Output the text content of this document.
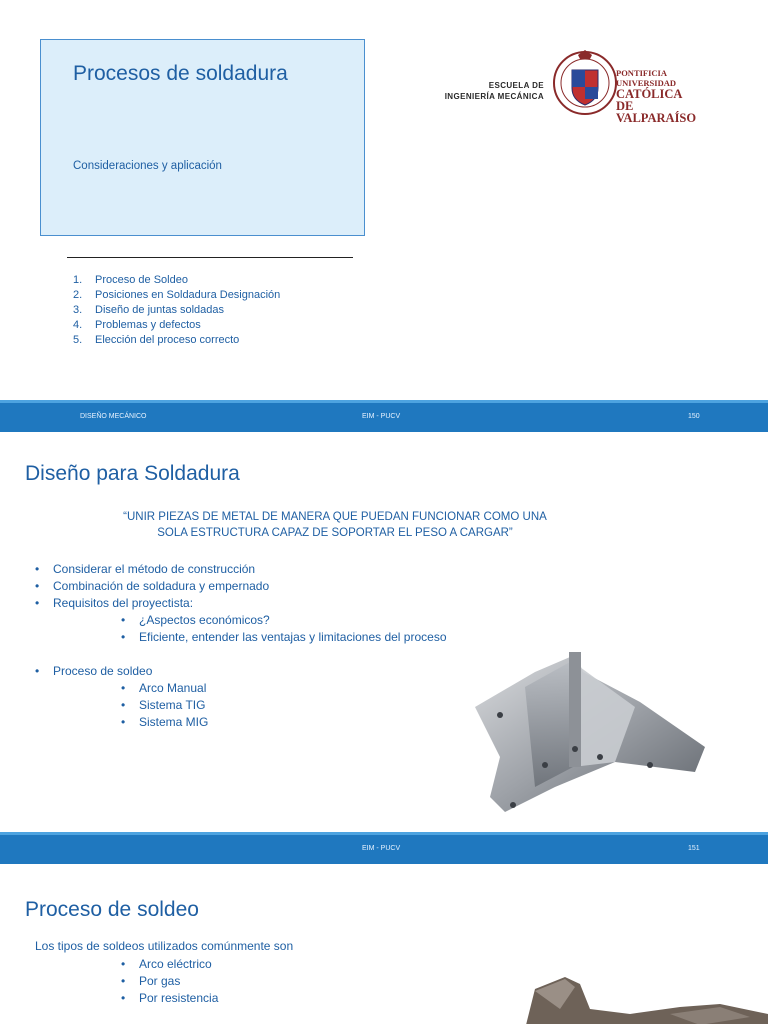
Procesos de soldadura
Consideraciones y aplicación
ESCUELA DE
INGENIERÍA MECÁNICA
PONTIFICIA
UNIVERSIDAD
CATÓLICA DE
VALPARAÍSO
1. Proceso de Soldeo
2. Posiciones en Soldadura Designación
3. Diseño de juntas soldadas
4. Problemas y defectos
5. Elección del proceso correcto
DISEÑO MECÁNICO	EIM - PUCV	150
Diseño para Soldadura
“UNIR PIEZAS DE METAL DE MANERA QUE PUEDAN FUNCIONAR COMO UNA
SOLA ESTRUCTURA CAPAZ DE SOPORTAR EL PESO A CARGAR”
• Considerar el método de construcción
• Combinación de soldadura y empernado
• Requisitos del proyectista:
• ¿Aspectos económicos?
• Eficiente, entender las ventajas y limitaciones del proceso
• Proceso de soldeo
• Arco Manual
• Sistema TIG
• Sistema MIG
EIM - PUCV	151
Proceso de soldeo
Los tipos de soldeos utilizados comúnmente son
• Arco eléctrico
• Por gas
• Por resistencia
